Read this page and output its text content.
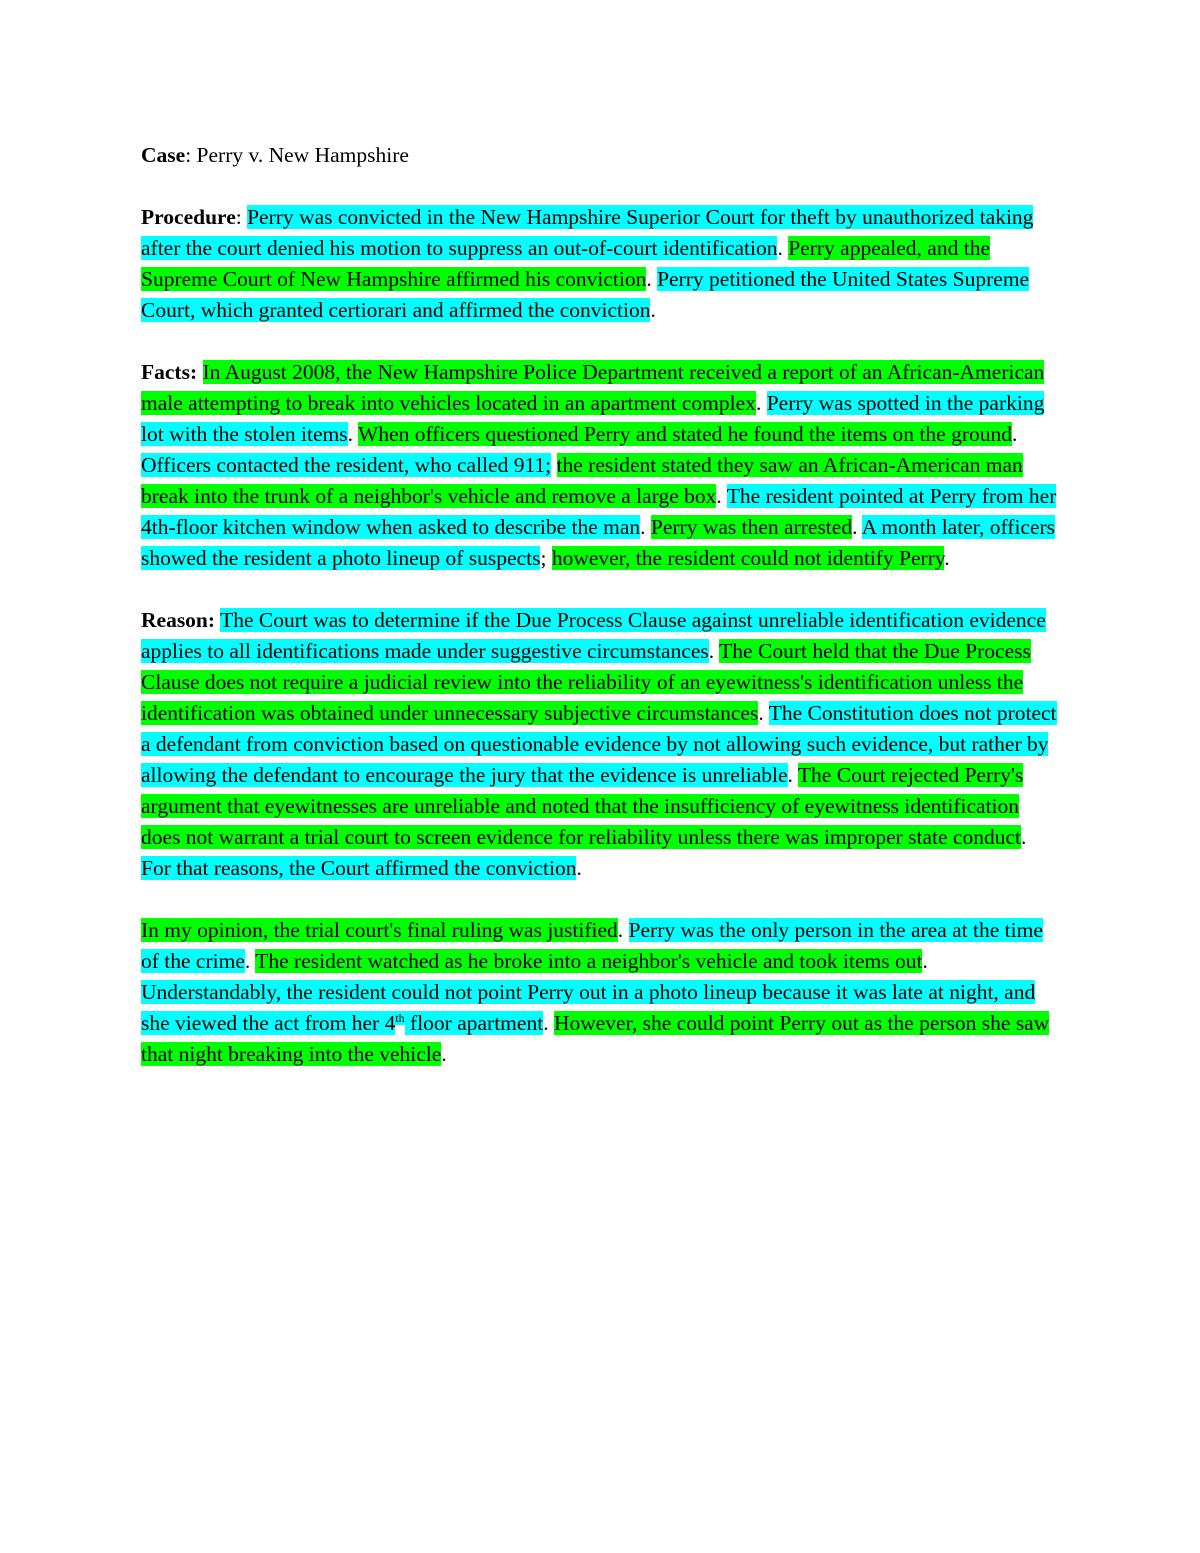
Case: Perry v. New Hampshire

Procedure: Perry was convicted in the New Hampshire Superior Court for theft by unauthorized taking after the court denied his motion to suppress an out-of-court identification. Perry appealed, and the Supreme Court of New Hampshire affirmed his conviction. Perry petitioned the United States Supreme Court, which granted certiorari and affirmed the conviction.

Facts: In August 2008, the New Hampshire Police Department received a report of an African-American male attempting to break into vehicles located in an apartment complex. Perry was spotted in the parking lot with the stolen items. When officers questioned Perry and stated he found the items on the ground. Officers contacted the resident, who called 911; the resident stated they saw an African-American man break into the trunk of a neighbor's vehicle and remove a large box. The resident pointed at Perry from her 4th-floor kitchen window when asked to describe the man. Perry was then arrested. A month later, officers showed the resident a photo lineup of suspects; however, the resident could not identify Perry.

Reason: The Court was to determine if the Due Process Clause against unreliable identification evidence applies to all identifications made under suggestive circumstances. The Court held that the Due Process Clause does not require a judicial review into the reliability of an eyewitness's identification unless the identification was obtained under unnecessary subjective circumstances. The Constitution does not protect a defendant from conviction based on questionable evidence by not allowing such evidence, but rather by allowing the defendant to encourage the jury that the evidence is unreliable. The Court rejected Perry's argument that eyewitnesses are unreliable and noted that the insufficiency of eyewitness identification does not warrant a trial court to screen evidence for reliability unless there was improper state conduct. For that reasons, the Court affirmed the conviction.

In my opinion, the trial court's final ruling was justified. Perry was the only person in the area at the time of the crime. The resident watched as he broke into a neighbor's vehicle and took items out. Understandably, the resident could not point Perry out in a photo lineup because it was late at night, and she viewed the act from her 4th floor apartment. However, she could point Perry out as the person she saw that night breaking into the vehicle.
